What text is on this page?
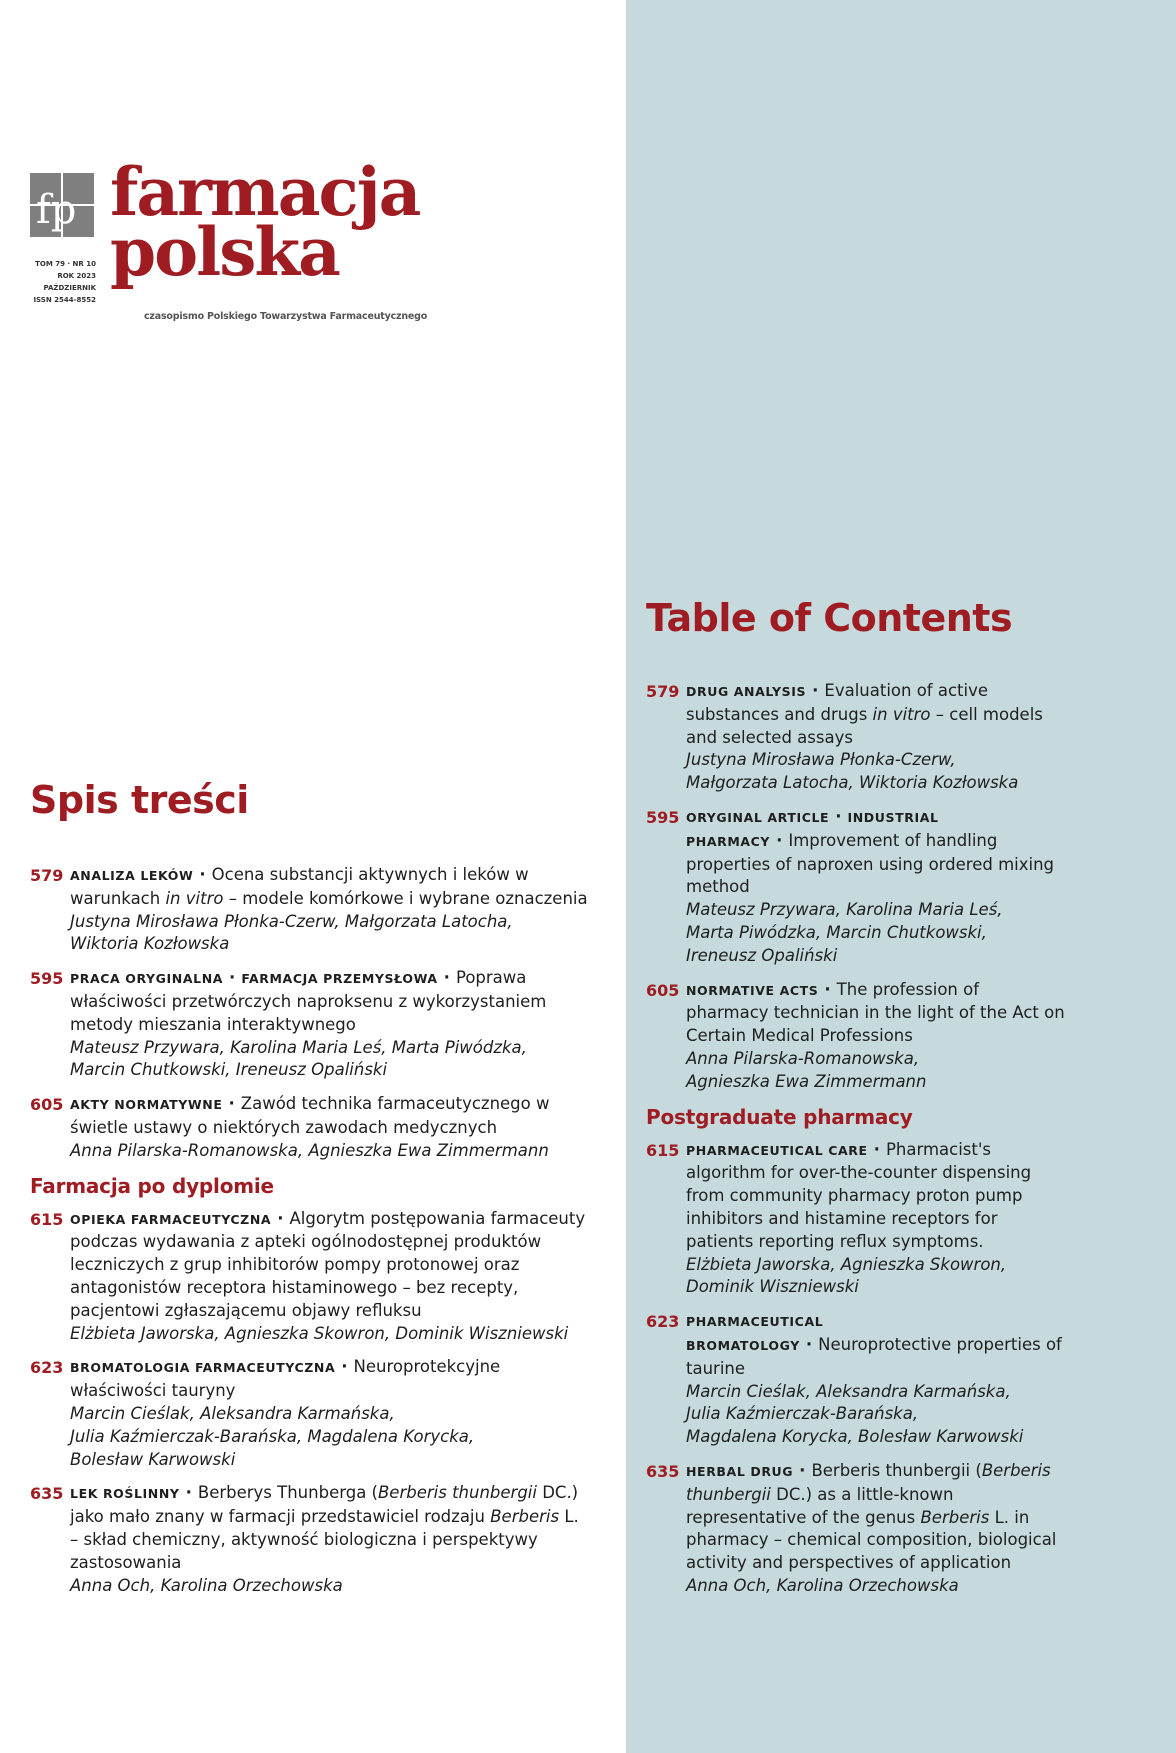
fp farmacja
polska
TOM 79 · NR 10
ROK 2023
PAŹDZIERNIK
ISSN 2544-8552
czasopismo Polskiego Towarzystwa Farmaceutycznego
Spis treści
Table of Contents
579 ANALIZA LEKÓW · Ocena substancji aktywnych i leków w warunkach in vitro – modele komórkowe i wybrane oznaczenia

Justyna Mirosława Płonka-Czerw, Małgorzata Latocha,
Wiktoria Kozłowska

595 PRACA ORYGINALNA · FARMACJA PRZEMYSŁOWA · Poprawa właściwości przetwórczych naproksenu z wykorzystaniem metody mieszania interaktywnego

Mateusz Przywara, Karolina Maria Leś, Marta Piwódzka,
Marcin Chutkowski, Ireneusz Opaliński

605 AKTY NORMATYWNE · Zawód technika farmaceutycznego w świetle ustawy o niektórych zawodach medycznych

Anna Pilarska-Romanowska, Agnieszka Ewa Zimmermann

Farmacja po dyplomie
615 OPIEKA FARMACEUTYCZNA · Algorytm postępowania farmaceuty podczas wydawania z apteki ogólnodostępnej produktów leczniczych z grup inhibitorów pompy protonowej oraz antagonistów receptora histaminowego – bez recepty, pacjentowi zgłaszającemu objawy refluksu

Elżbieta Jaworska, Agnieszka Skowron, Dominik Wiszniewski

623 BROMATOLOGIA FARMACEUTYCZNA · Neuroprotekcyjne właściwości tauryny

Marcin Cieślak, Aleksandra Karmańska,
Julia Kaźmierczak-Barańska, Magdalena Korycka,
Bolesław Karwowski

635 LEK ROŚLINNY · Berberys Thunberga (Berberis thunbergii DC.) jako mało znany w farmacji przedstawiciel rodzaju Berberis L. – skład chemiczny, aktywność biologiczna i perspektywy zastosowania

Anna Och, Karolina Orzechowska

579 DRUG ANALYSIS · Evaluation of active substances and drugs in vitro – cell models and selected assays

Justyna Mirosława Płonka-Czerw,
Małgorzata Latocha, Wiktoria Kozłowska

595 ORYGINAL ARTICLE · INDUSTRIAL PHARMACY · Improvement of handling properties of naproxen using ordered mixing method

Mateusz Przywara, Karolina Maria Leś,
Marta Piwódzka, Marcin Chutkowski,
Ireneusz Opaliński

605 NORMATIVE ACTS · The profession of pharmacy technician in the light of the Act on Certain Medical Professions

Anna Pilarska-Romanowska,
Agnieszka Ewa Zimmermann

Postgraduate pharmacy
615 PHARMACEUTICAL CARE · Pharmacist's algorithm for over-the-counter dispensing from community pharmacy proton pump inhibitors and histamine receptors for patients reporting reflux symptoms.

Elżbieta Jaworska, Agnieszka Skowron,
Dominik Wiszniewski

623 PHARMACEUTICAL BROMATOLOGY · Neuroprotective properties of taurine

Marcin Cieślak, Aleksandra Karmańska,
Julia Kaźmierczak-Barańska,
Magdalena Korycka, Bolesław Karwowski

635 HERBAL DRUG · Berberis thunbergii (Berberis thunbergii DC.) as a little-known representative of the genus Berberis L. in pharmacy – chemical composition, biological activity and perspectives of application

Anna Och, Karolina Orzechowska
